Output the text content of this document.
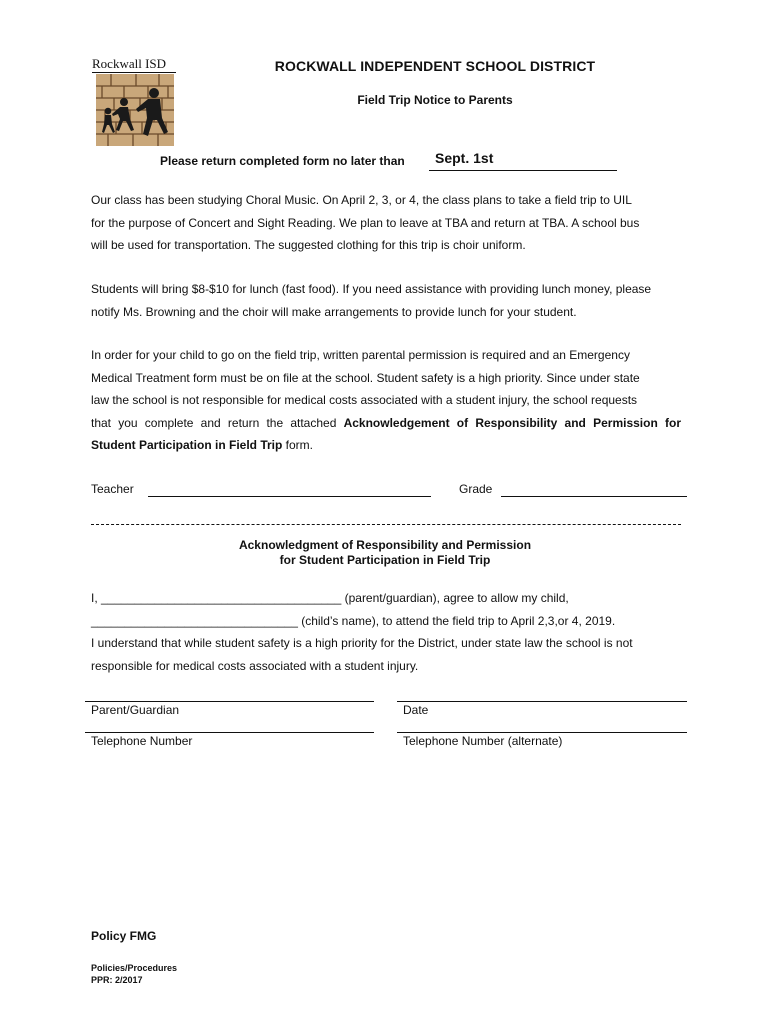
Rockwall ISD	ROCKWALL INDEPENDENT SCHOOL DISTRICT
Field Trip Notice to Parents
Please return completed form no later than	Sept. 1st

Our class has been studying Choral Music. On April 2, 3, or 4, the class plans to take a field trip to UIL

for the purpose of Concert and Sight Reading. We plan to leave at TBA and return at TBA. A school bus

will be used for transportation. The suggested clothing for this trip is choir uniform.

Students will bring $8-$10 for lunch (fast food). If you need assistance with providing lunch money, please

notify Ms. Browning and the choir will make arrangements to provide lunch for your student.

In order for your child to go on the field trip, written parental permission is required and an Emergency

Medical Treatment form must be on file at the school. Student safety is a high priority. Since under state

law the school is not responsible for medical costs associated with a student injury, the school requests

that you complete and return the attached Acknowledgement of Responsibility and Permission for

Student Participation in Field Trip form.

Teacher	Grade
Acknowledgment of Responsibility and Permission
for Student Participation in Field Trip

I, ____________________________________ (parent/guardian), agree to allow my child,

_______________________________ (child’s name), to attend the field trip to April 2,3,or 4, 2019.

I understand that while student safety is a high priority for the District, under state law the school is not

responsible for medical costs associated with a student injury.

Parent/Guardian	Date
Telephone Number	Telephone Number (alternate)
Policy FMG
Policies/Procedures
PPR: 2/2017
